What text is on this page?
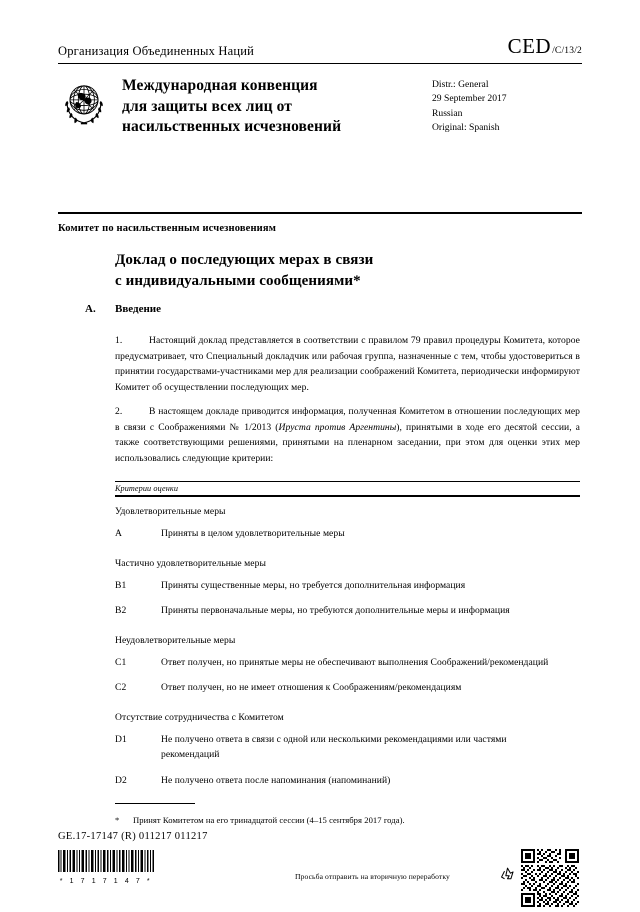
Организация Объединенных Наций	CED /C/13/2
Международная конвенция
для защиты всех лиц от
насильственных исчезновений
Distr.: General
29 September 2017
Russian
Original: Spanish
Комитет по насильственным исчезновениям
Доклад о последующих мерах в связи
с индивидуальными сообщениями*
A. Введение
1.	Настоящий доклад представляется в соответствии с правилом 79 правил процедуры Комитета, которое предусматривает, что Специальный докладчик или рабочая группа, назначенные с тем, чтобы удостовериться в принятии государствами-участниками мер для реализации соображений Комитета, периодически информируют Комитет об осуществлении последующих мер.
2.	В настоящем докладе приводится информация, полученная Комитетом в отношении последующих мер в связи с Соображениями № 1/2013 (Ируста против Аргентины), принятыми в ходе его десятой сессии, а также соответствующими решениями, принятыми на пленарном заседании, при этом для оценки этих мер использовались следующие критерии:
Критерии оценки
Удовлетворительные меры
A	Приняты в целом удовлетворительные меры
Частично удовлетворительные меры
B1	Приняты существенные меры, но требуется дополнительная информация
B2	Приняты первоначальные меры, но требуются дополнительные меры и информация
Неудовлетворительные меры
C1	Ответ получен, но принятые меры не обеспечивают выполнения Соображений/рекомендаций
C2	Ответ получен, но не имеет отношения к Соображениям/рекомендациям
Отсутствие сотрудничества с Комитетом
D1	Не получено ответа в связи с одной или несколькими рекомендациями или частями рекомендаций
D2	Не получено ответа после напоминания (напоминаний)
* Принят Комитетом на его тринадцатой сессии (4–15 сентября 2017 года).
GE.17-17147 (R) 011217 011217
* 1 7 1 7 1 4 7 *
Просьба отправить на вторичную переработку
